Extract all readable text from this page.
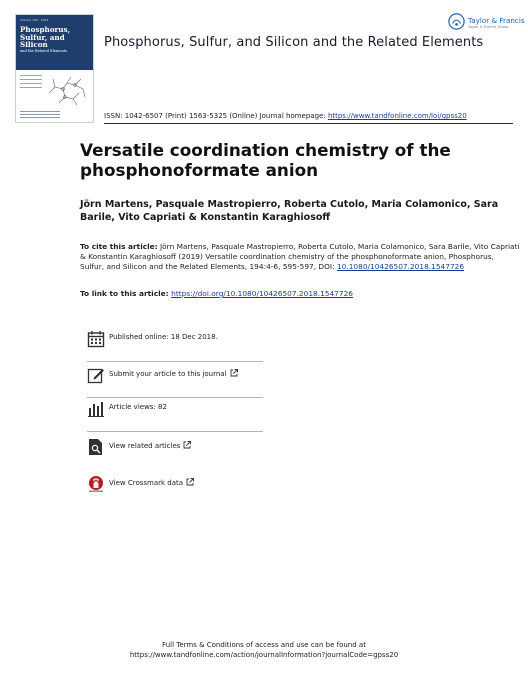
Volume 194 · 2019
Phosphorus,
Sulfur, and
Silicon
and the Related Elements
Phosphorus, Sulfur, and Silicon and the Related Elements
Taylor & Francis
Taylor & Francis Group
ISSN: 1042-6507 (Print) 1563-5325 (Online) Journal homepage: https://www.tandfonline.com/loi/gpss20
Versatile coordination chemistry of the phosphonoformate anion
Jörn Martens, Pasquale Mastropierro, Roberta Cutolo, Maria Colamonico, Sara Barile, Vito Capriati & Konstantin Karaghiosoff
To cite this article: Jörn Martens, Pasquale Mastropierro, Roberta Cutolo, Maria Colamonico, Sara Barile, Vito Capriati & Konstantin Karaghiosoff (2019) Versatile coordination chemistry of the phosphonoformate anion, Phosphorus, Sulfur, and Silicon and the Related Elements, 194:4-6, 595-597, DOI: 10.1080/10426507.2018.1547726
To link to this article: https://doi.org/10.1080/10426507.2018.1547726
Published online: 18 Dec 2018.
Submit your article to this journal
Article views: 82
View related articles
View Crossmark data
Full Terms & Conditions of access and use can be found at
https://www.tandfonline.com/action/journalInformation?journalCode=gpss20
